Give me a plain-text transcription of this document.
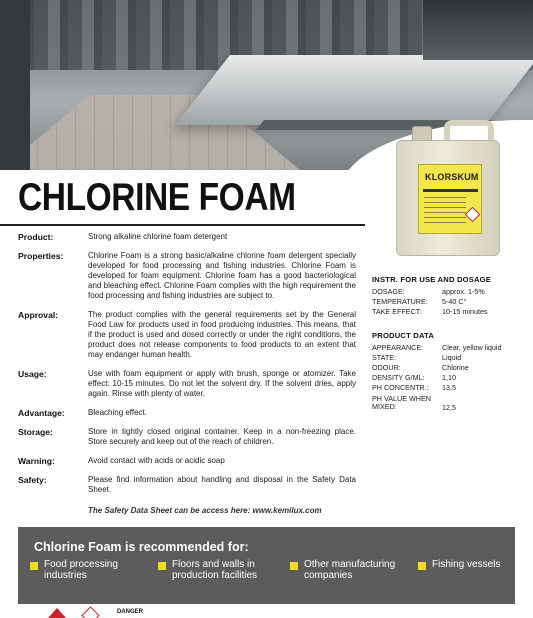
KLORSKUM
CHLORINE FOAM
Product:	Strong alkaline chlorine foam detergent
Properties:	Chlorine Foam is a strong basic/alkaline chlorine foam detergent specially developed for food processing and fishing industries. Chlorine Foam is developed for foam equipment. Chlorine foam has a good bacteriological and bleaching effect. Chlorine Foam complies with the high requirement the food processing and fishing industries are subject to.
Approval:	The product complies with the general requirements set by the General Food Law for products used in food producing industries. This means, that if the product is used and dosed correctly or under the right conditions, the product does not release components to food products to an extent that may endanger human health.
Usage:	Use with foam equipment or apply with brush, sponge or atomizer. Take effect: 10-15 minutes. Do not let the solvent dry. If the solvent dries, apply again. Rinse with plenty of water.
Advantage:	Bleaching effect.
Storage:	Store in tightly closed original container. Keep in a non-freezing place. Store securely and keep out of the reach of children.
Warning:	Avoid contact with acids or acidic soap
Safety:	Please find information about handling and disposal in the Safety Data Sheet.
The Safety Data Sheet can be access here: www.kemilux.com
INSTR. FOR USE AND DOSAGE
DOSAGE:	approx. 1-5%
TEMPERATURE:	5-40 C°
TAKE EFFECT:	10-15 minutes
PRODUCT DATA
APPEARANCE:	Clear, yellow liquid
STATE:	Liquid
ODOUR:	Chlorine
DENSITY G/ML:	1,10
PH CONCENTR.:	13,5
PH VALUE WHEN MIXED:	12,5
Chlorine Foam is recommended for:
Food processing industries
Floors and walls in production facilities
Other manufacturing companies
Fishing vessels
DANGER
